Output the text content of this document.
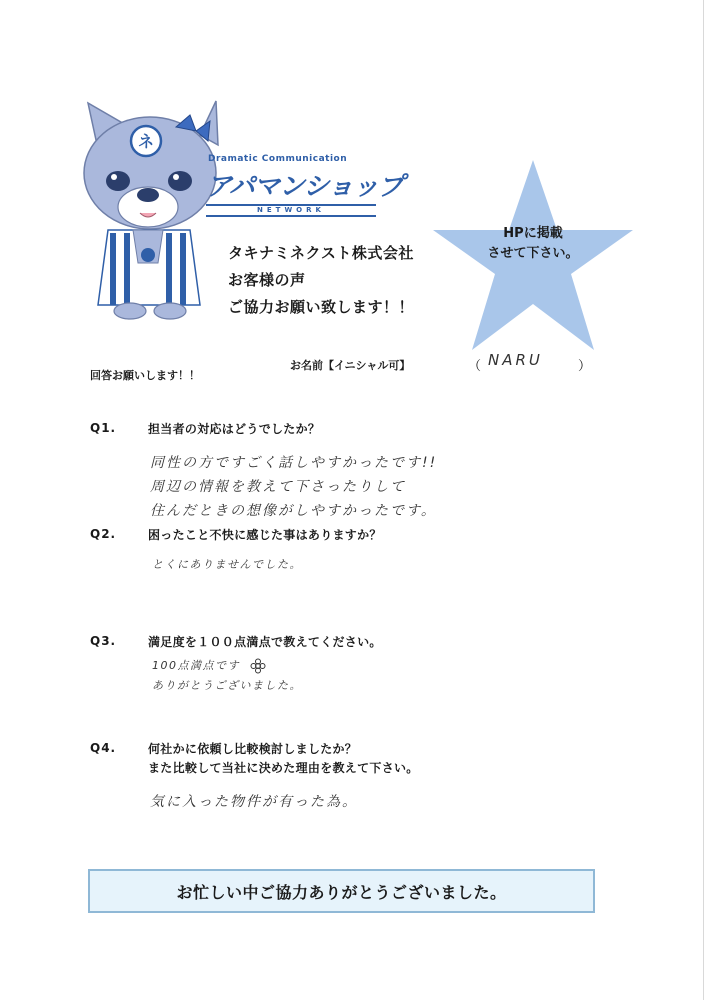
ネ
Dramatic Communication
アパマンショップ
NETWORK
タキナミネクスト株式会社
お客様の声
ご協力お願い致します！！
HPに掲載
させて下さい。
回答お願いします！！
お名前【イニシャル可】	（ NARU	）
Q1.	担当者の対応はどうでしたか？
同性の方ですごく話しやすかったです!!
周辺の情報を教えて下さったりして
住んだときの想像がしやすかったです。
Q2.	困ったこと不快に感じた事はありますか？
とくにありませんでした。
Q3.	満足度を１００点満点で教えてください。
100点満点です
ありがとうございました。
Q4.	何社かに依頼し比較検討しましたか？
また比較して当社に決めた理由を教えて下さい。
気に入った物件が有った為。
お忙しい中ご協力ありがとうございました。
